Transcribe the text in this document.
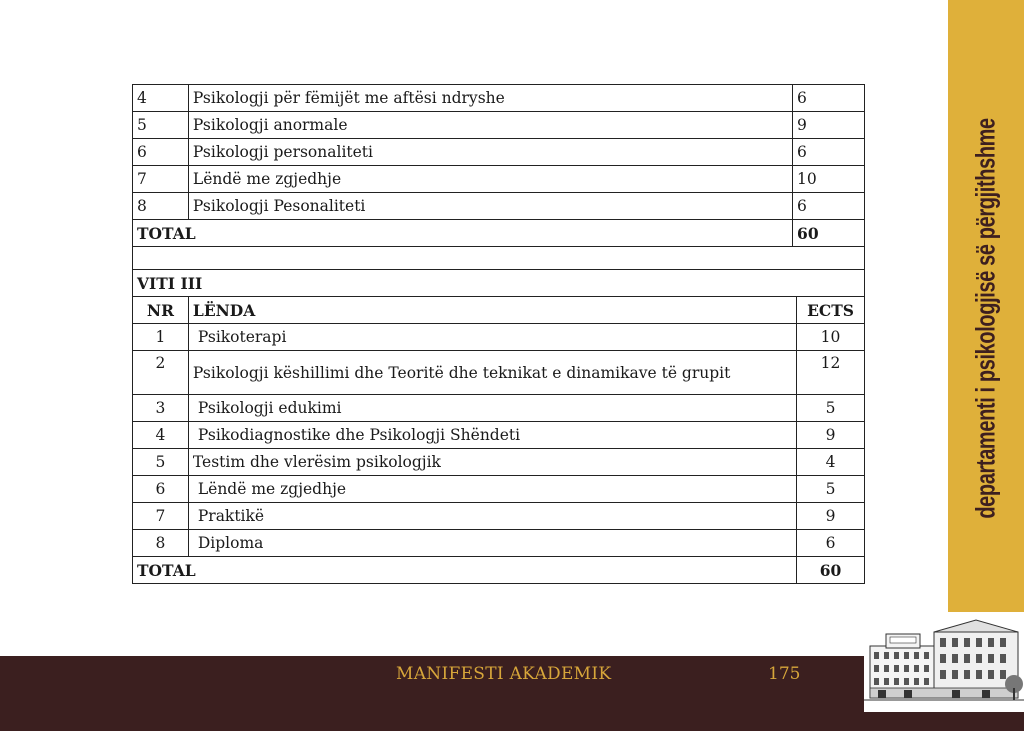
departamenti i psikologjisë së përgjithshme
4	Psikologji për fëmijët me aftësi ndryshe	6
5	Psikologji anormale	9
6	Psikologji personaliteti	6
7	Lëndë me zgjedhje	10
8	Psikologji Pesonaliteti	6
TOTAL		60
VITI III		
NR	LËNDA	ECTS
1	Psikoterapi	10
2	Psikologji këshillimi dhe Teoritë dhe teknikat e dinamikave të grupit	12
3	Psikologji edukimi	5
4	Psikodiagnostike dhe Psikologji Shëndeti	9
5	Testim dhe vlerësim psikologjik	4
6	Lëndë me zgjedhje	5
7	Praktikë	9
8	Diploma	6
TOTAL		60
MANIFESTI AKADEMIK	175
